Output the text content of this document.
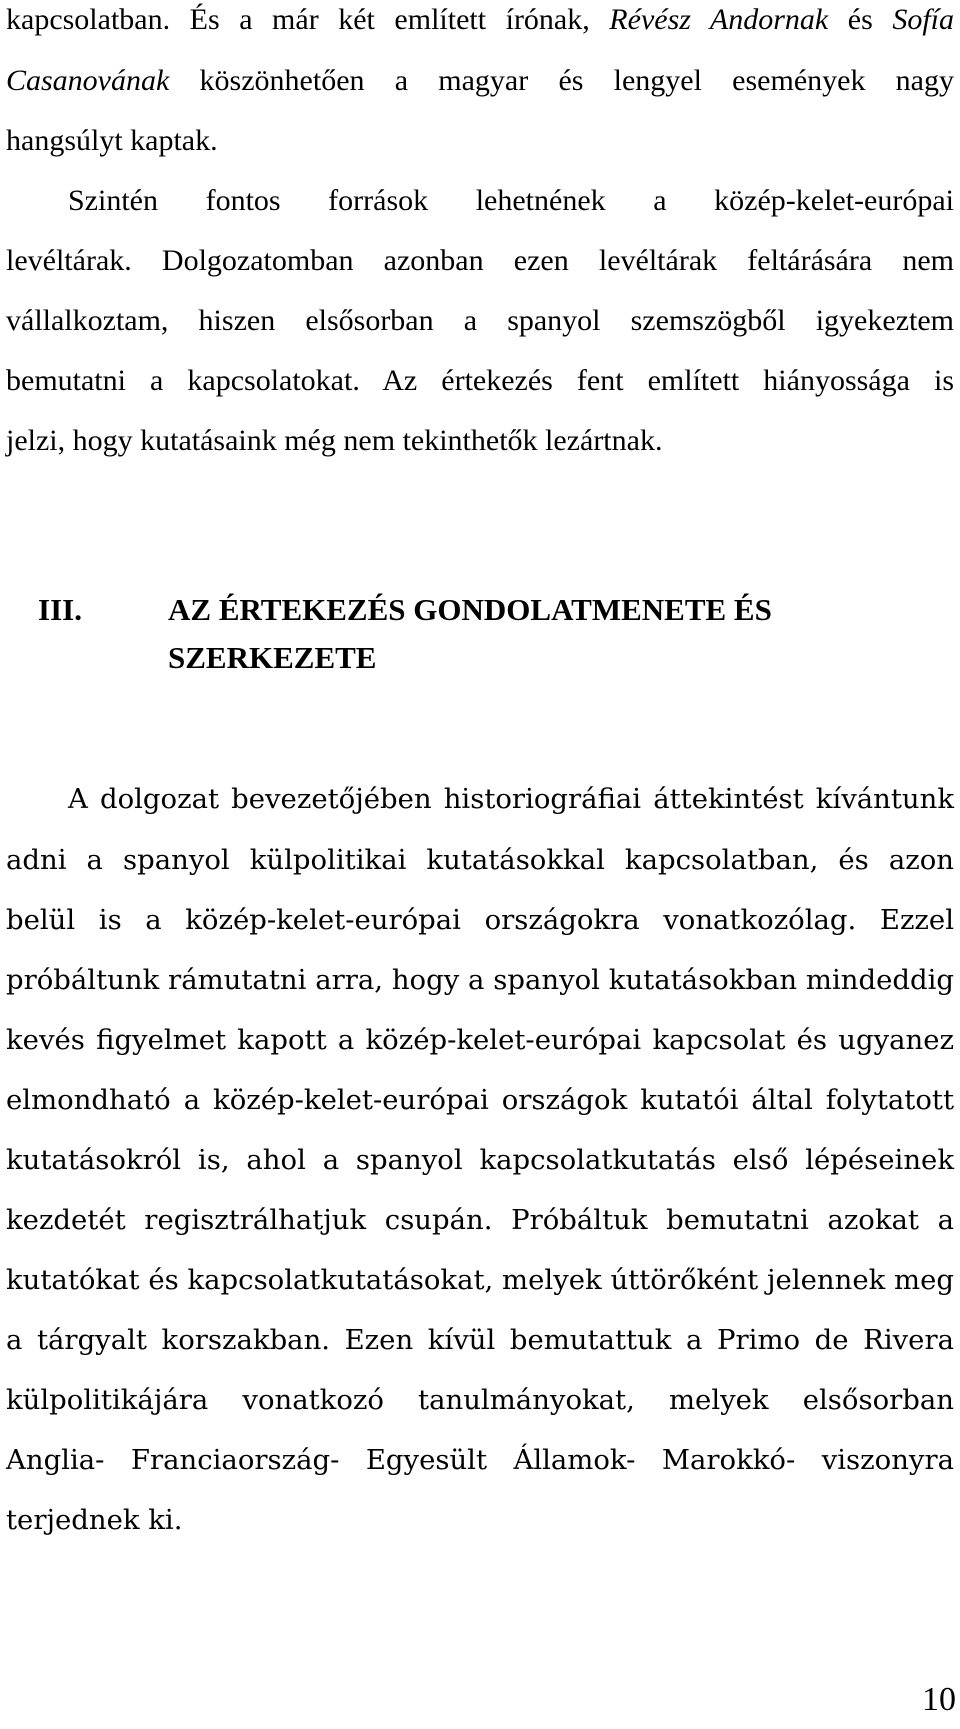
kapcsolatban. És a már két említett írónak, Révész Andornak és Sofía
Casanovának köszönhetően a magyar és lengyel események nagy
hangsúlyt kaptak.
Szintén fontos források lehetnének a közép-kelet-európai
levéltárak. Dolgozatomban azonban ezen levéltárak feltárására nem
vállalkoztam, hiszen elsősorban a spanyol szemszögből igyekeztem
bemutatni a kapcsolatokat. Az értekezés fent említett hiányossága is
jelzi, hogy kutatásaink még nem tekinthetők lezártnak.
III.	AZ ÉRTEKEZÉS GONDOLATMENETE ÉS SZERKEZETE
A dolgozat bevezetőjében historiográfiai áttekintést kívántunk
adni a spanyol külpolitikai kutatásokkal kapcsolatban, és azon
belül is a közép-kelet-európai országokra vonatkozólag. Ezzel
próbáltunk rámutatni arra, hogy a spanyol kutatásokban mindeddig
kevés figyelmet kapott a közép-kelet-európai kapcsolat és ugyanez
elmondható a közép-kelet-európai országok kutatói által folytatott
kutatásokról is, ahol a spanyol kapcsolatkutatás első lépéseinek
kezdetét regisztrálhatjuk csupán. Próbáltuk bemutatni azokat a
kutatókat és kapcsolatkutatásokat, melyek úttörőként jelennek meg
a tárgyalt korszakban. Ezen kívül bemutattuk a Primo de Rivera
külpolitikájára vonatkozó tanulmányokat, melyek elsősorban
Anglia- Franciaország- Egyesült Államok- Marokkó- viszonyra
terjednek ki.
10
